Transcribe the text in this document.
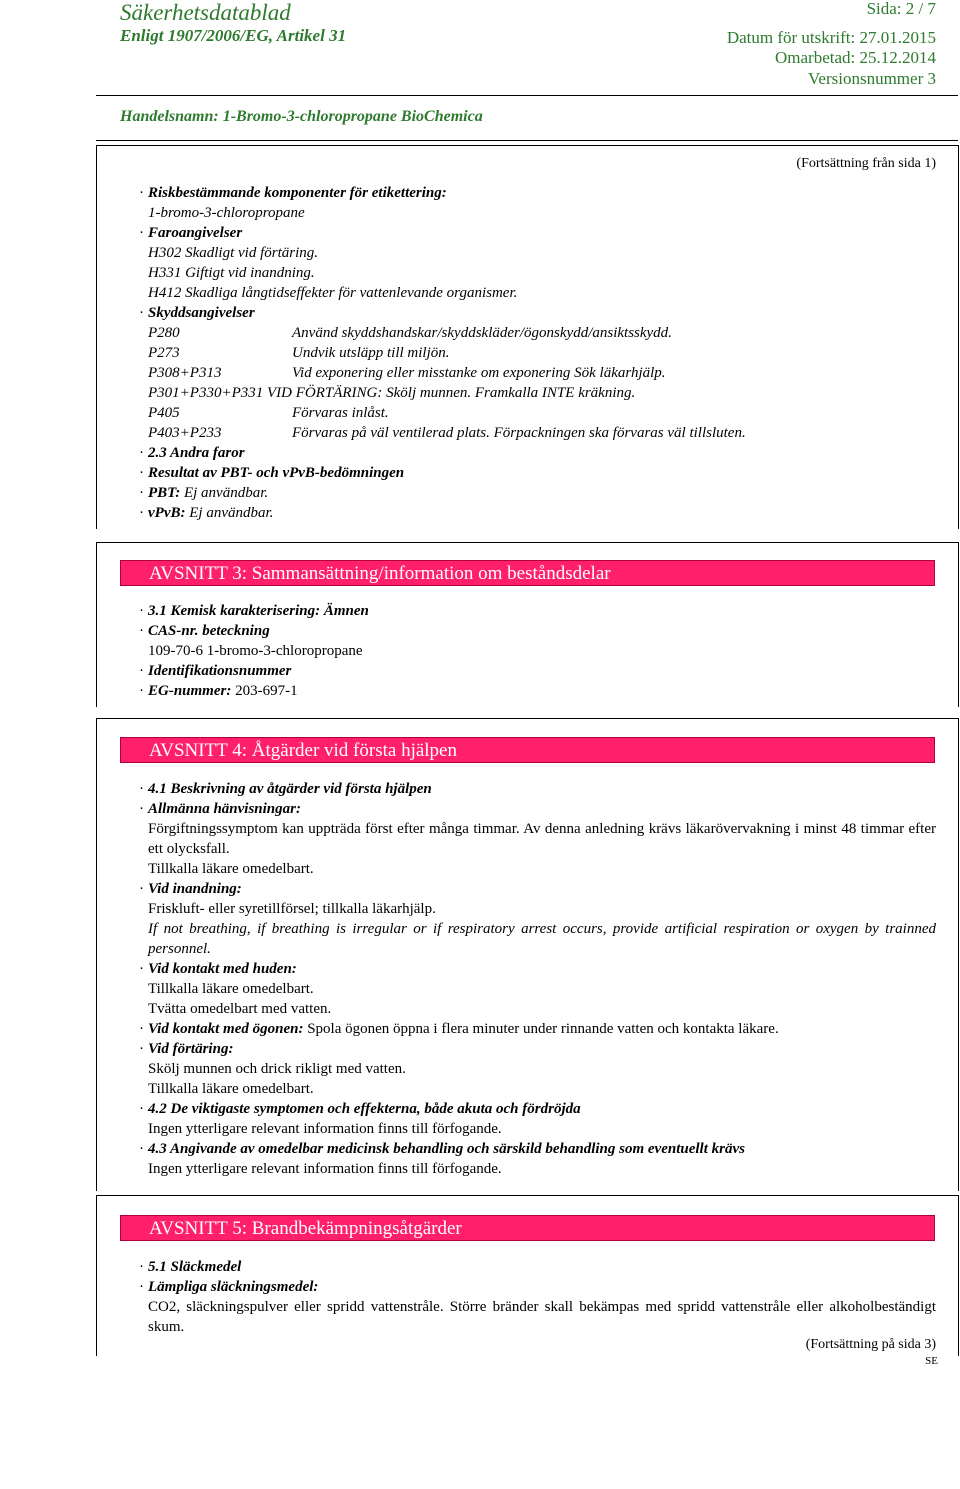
Säkerhetsdatablad	Sida: 2 / 7
Enligt 1907/2006/EG, Artikel 31	Datum för utskrift: 27.01.2015
Omarbetad: 25.12.2014
Versionsnummer 3
Handelsnamn: 1-Bromo-3-chloropropane BioChemica
(Fortsättning från sida 1)
· Riskbestämmande komponenter för etikettering:
1-bromo-3-chloropropane
· Faroangivelser
H302 Skadligt vid förtäring.
H331 Giftigt vid inandning.
H412 Skadliga långtidseffekter för vattenlevande organismer.
· Skyddsangivelser
P280	Använd skyddshandskar/skyddskläder/ögonskydd/ansiktsskydd.
P273	Undvik utsläpp till miljön.
P308+P313	Vid exponering eller misstanke om exponering Sök läkarhjälp.
P301+P330+P331 VID FÖRTÄRING: Skölj munnen. Framkalla INTE kräkning.
P405	Förvaras inlåst.
P403+P233	Förvaras på väl ventilerad plats. Förpackningen ska förvaras väl tillsluten.
· 2.3 Andra faror
· Resultat av PBT- och vPvB-bedömningen
· PBT: Ej användbar.
· vPvB: Ej användbar.
AVSNITT 3: Sammansättning/information om beståndsdelar
· 3.1 Kemisk karakterisering: Ämnen
· CAS-nr. beteckning
109-70-6 1-bromo-3-chloropropane
· Identifikationsnummer
· EG-nummer: 203-697-1
AVSNITT 4: Åtgärder vid första hjälpen
· 4.1 Beskrivning av åtgärder vid första hjälpen
· Allmänna hänvisningar:
Förgiftningssymptom kan uppträda först efter många timmar. Av denna anledning krävs läkarövervakning i minst 48 timmar efter ett olycksfall.
Tillkalla läkare omedelbart.
· Vid inandning:
Friskluft- eller syretillförsel; tillkalla läkarhjälp.
If not breathing, if breathing is irregular or if respiratory arrest occurs, provide artificial respiration or oxygen by trainned personnel.
· Vid kontakt med huden:
Tillkalla läkare omedelbart.
Tvätta omedelbart med vatten.
· Vid kontakt med ögonen: Spola ögonen öppna i flera minuter under rinnande vatten och kontakta läkare.
· Vid förtäring:
Skölj munnen och drick rikligt med vatten.
Tillkalla läkare omedelbart.
· 4.2 De viktigaste symptomen och effekterna, både akuta och fördröjda
Ingen ytterligare relevant information finns till förfogande.
· 4.3 Angivande av omedelbar medicinsk behandling och särskild behandling som eventuellt krävs
Ingen ytterligare relevant information finns till förfogande.
AVSNITT 5: Brandbekämpningsåtgärder
· 5.1 Släckmedel
· Lämpliga släckningsmedel:
CO2, släckningspulver eller spridd vattenstråle. Större bränder skall bekämpas med spridd vattenstråle eller alkoholbeständigt skum.
(Fortsättning på sida 3)
SE
